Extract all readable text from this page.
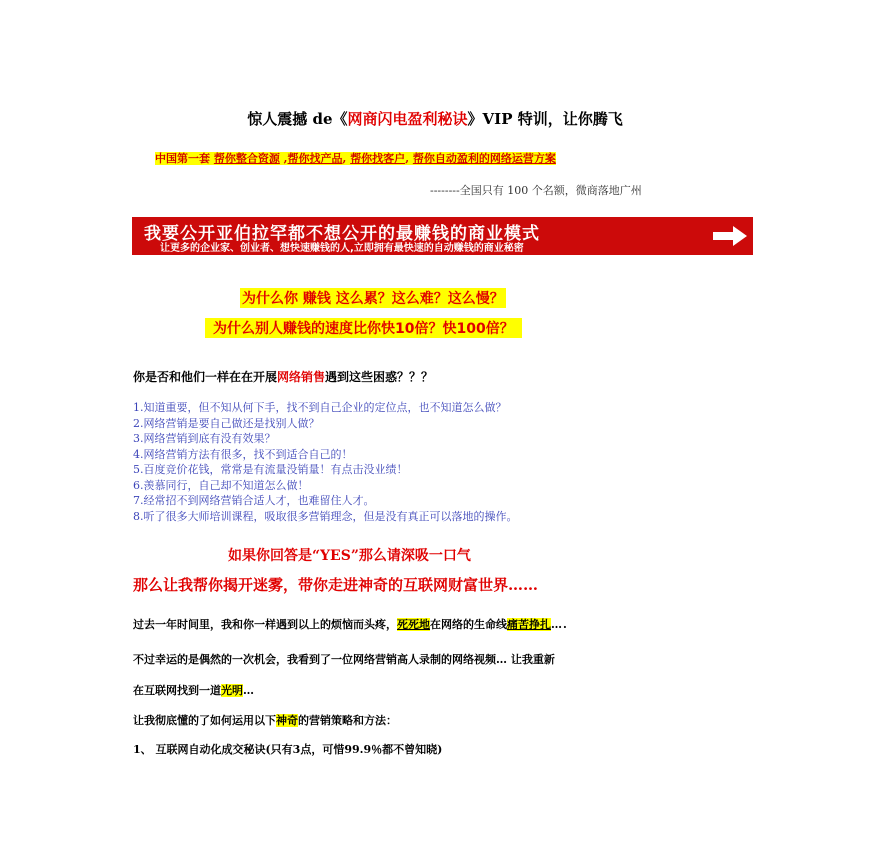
惊人震撼 de《网商闪电盈利秘诀》VIP 特训，让你腾飞
中国第一套 帮你整合资源 ,帮你找产品, 帮你找客户, 帮你自动盈利的网络运营方案
--------全国只有 100 个名额，微商落地广州
我要公开亚伯拉罕都不想公开的最赚钱的商业模式
让更多的企业家、创业者、想快速赚钱的人,立即拥有最快速的自动赚钱的商业秘密
为什么你 赚钱 这么累？这么难？这么慢？
为什么别人赚钱的速度比你快10倍？快100倍？
你是否和他们一样在在开展网络销售遇到这些困惑？？？
1.知道重要，但不知从何下手，找不到自己企业的定位点，也不知道怎么做？
2.网络营销是要自己做还是找别人做？
3.网络营销到底有没有效果？
4.网络营销方法有很多，找不到适合自己的！
5.百度竞价花钱，常常是有流量没销量！有点击没业绩！
6.羡慕同行，自己却不知道怎么做！
7.经常招不到网络营销合适人才，也难留住人才。
8.听了很多大师培训课程，吸取很多营销理念，但是没有真正可以落地的操作。
如果你回答是“YES”那么请深吸一口气
那么让我帮你揭开迷雾，带你走进神奇的互联网财富世界……
过去一年时间里，我和你一样遇到以上的烦恼而头疼，死死地在网络的生命线痛苦挣扎….
不过幸运的是偶然的一次机会，我看到了一位网络营销高人录制的网络视频… 让我重新
在互联网找到一道光明…
让我彻底懂的了如何运用以下神奇的营销策略和方法：
1、 互联网自动化成交秘诀(只有3点，可惜99.9％都不曾知晓)
